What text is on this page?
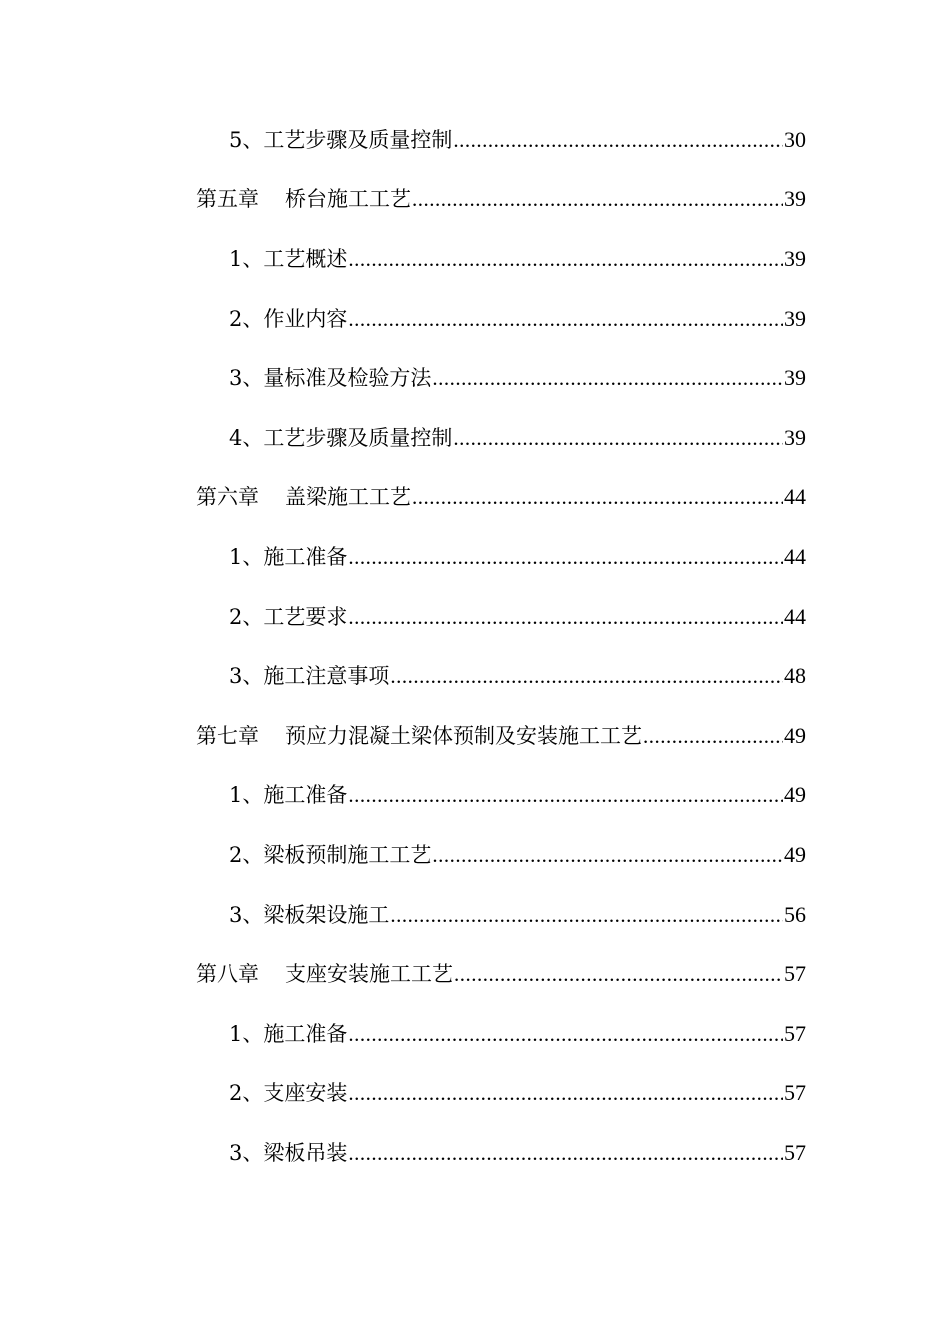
5、工艺步骤及质量控制 .....	30
第五章 桥台施工工艺 .....	39
1、工艺概述 .....	39
2、作业内容 .....	39
3、量标准及检验方法 .....	39
4、工艺步骤及质量控制 .....	39
第六章 盖梁施工工艺 .....	44
1、施工准备 .....	44
2、工艺要求 .....	44
3、施工注意事项 .....	48
第七章 预应力混凝土梁体预制及安装施工工艺 .....	49
1、施工准备 .....	49
2、梁板预制施工工艺 .....	49
3、梁板架设施工 .....	56
第八章 支座安装施工工艺 .....	57
1、施工准备 .....	57
2、支座安装 .....	57
3、梁板吊装 .....	57
